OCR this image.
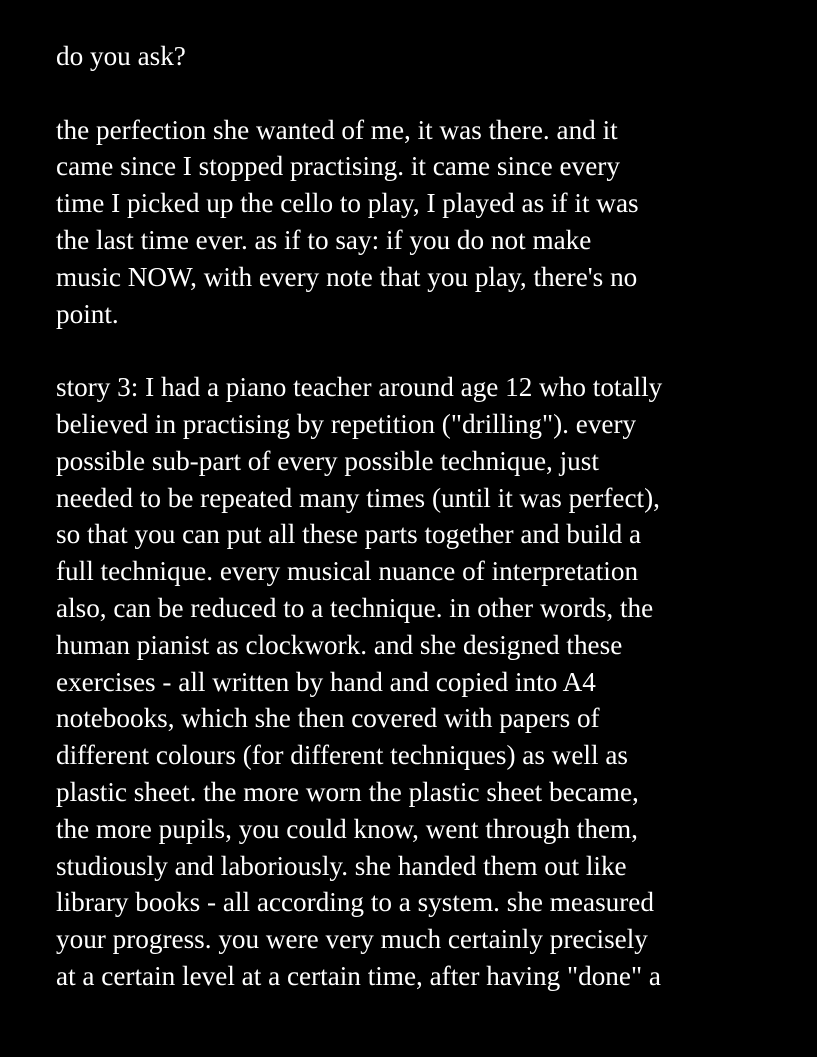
do you ask?
the perfection she wanted of me, it was there. and it
came since I stopped practising. it came since every
time I picked up the cello to play, I played as if it was
the last time ever. as if to say: if you do not make
music NOW, with every note that you play, there's no
point.
story 3: I had a piano teacher around age 12 who totally
believed in practising by repetition ("drilling"). every
possible sub-part of every possible technique, just
needed to be repeated many times (until it was perfect),
so that you can put all these parts together and build a
full technique. every musical nuance of interpretation
also, can be reduced to a technique. in other words, the
human pianist as clockwork. and she designed these
exercises - all written by hand and copied into A4
notebooks, which she then covered with papers of
different colours (for different techniques) as well as
plastic sheet. the more worn the plastic sheet became,
the more pupils, you could know, went through them,
studiously and laboriously. she handed them out like
library books - all according to a system. she measured
your progress. you were very much certainly precisely
at a certain level at a certain time, after having "done" a
